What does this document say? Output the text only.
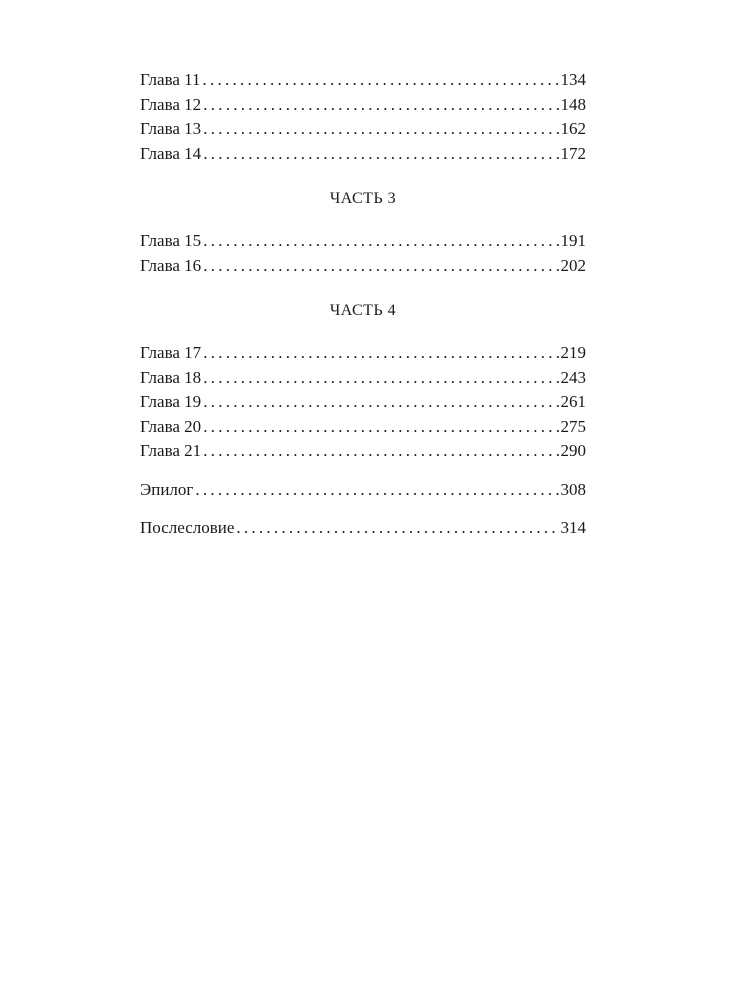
Глава 11 . . .	134
Глава 12 . . .	148
Глава 13 . . .	162
Глава 14 . . .	172
ЧАСТЬ 3
Глава 15 . . .	191
Глава 16 . . .	202
ЧАСТЬ 4
Глава 17 . . .	219
Глава 18 . . .	243
Глава 19 . . .	261
Глава 20 . . .	275
Глава 21 . . .	290
Эпилог . . .	308
Послесловие . . .	314
